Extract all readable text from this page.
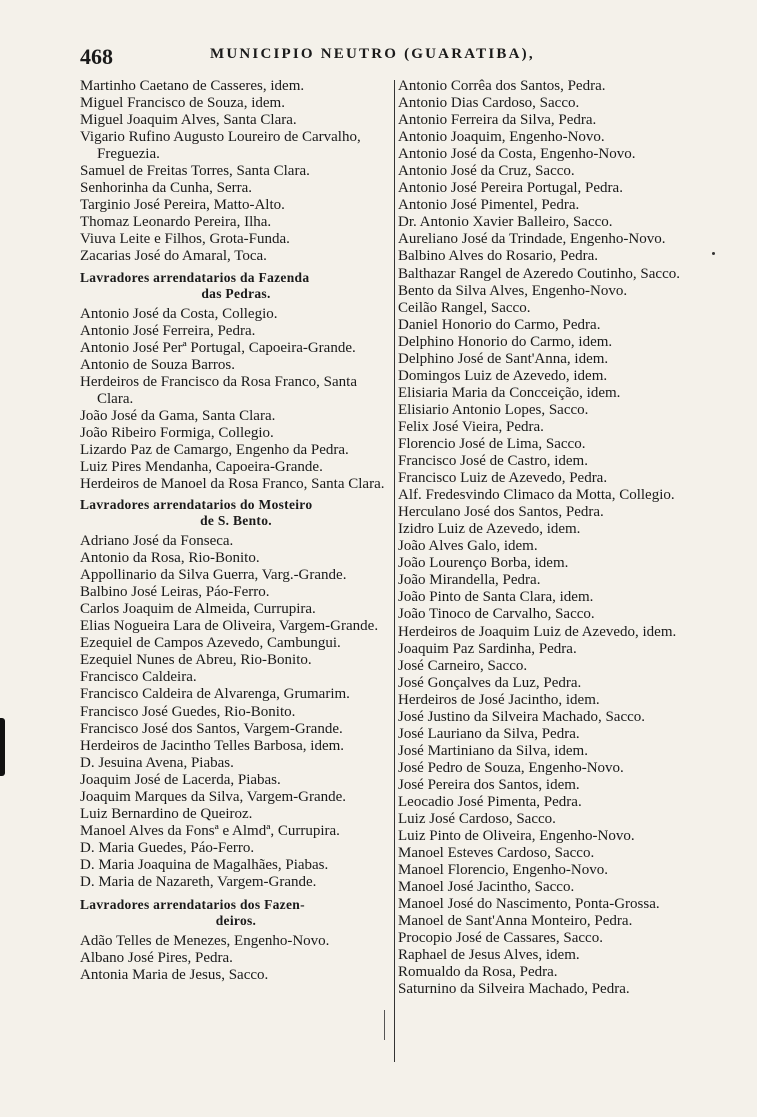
468	MUNICIPIO NEUTRO (GUARATIBA),
Martinho Caetano de Casseres, idem.
Miguel Francisco de Souza, idem.
Miguel Joaquim Alves, Santa Clara.
Vigario Rufino Augusto Loureiro de Carvalho, Freguezia.
Samuel de Freitas Torres, Santa Clara.
Senhorinha da Cunha, Serra.
Targinio José Pereira, Matto-Alto.
Thomaz Leonardo Pereira, Ilha.
Viuva Leite e Filhos, Grota-Funda.
Zacarias José do Amaral, Toca.
Lavradores arrendatarios da Fazenda
das Pedras.
Antonio José da Costa, Collegio.
Antonio José Ferreira, Pedra.
Antonio José Perª Portugal, Capoeira-Grande.
Antonio de Souza Barros.
Herdeiros de Francisco da Rosa Franco, Santa Clara.
João José da Gama, Santa Clara.
João Ribeiro Formiga, Collegio.
Lizardo Paz de Camargo, Engenho da Pedra.
Luiz Pires Mendanha, Capoeira-Grande.
Herdeiros de Manoel da Rosa Franco, Santa Clara.
Lavradores arrendatarios do Mosteiro
de S. Bento.
Adriano José da Fonseca.
Antonio da Rosa, Rio-Bonito.
Appollinario da Silva Guerra, Varg.-Grande.
Balbino José Leiras, Páo-Ferro.
Carlos Joaquim de Almeida, Currupira.
Elias Nogueira Lara de Oliveira, Vargem-Grande.
Ezequiel de Campos Azevedo, Cambungui.
Ezequiel Nunes de Abreu, Rio-Bonito.
Francisco Caldeira.
Francisco Caldeira de Alvarenga, Grumarim.
Francisco José Guedes, Rio-Bonito.
Francisco José dos Santos, Vargem-Grande.
Herdeiros de Jacintho Telles Barbosa, idem.
D. Jesuina Avena, Piabas.
Joaquim José de Lacerda, Piabas.
Joaquim Marques da Silva, Vargem-Grande.
Luiz Bernardino de Queiroz.
Manoel Alves da Fonsª e Almdª, Currupira.
D. Maria Guedes, Páo-Ferro.
D. Maria Joaquina de Magalhães, Piabas.
D. Maria de Nazareth, Vargem-Grande.
Lavradores arrendatarios dos Fazen-
deiros.
Adão Telles de Menezes, Engenho-Novo.
Albano José Pires, Pedra.
Antonia Maria de Jesus, Sacco.
Antonio Corrêa dos Santos, Pedra.
Antonio Dias Cardoso, Sacco.
Antonio Ferreira da Silva, Pedra.
Antonio Joaquim, Engenho-Novo.
Antonio José da Costa, Engenho-Novo.
Antonio José da Cruz, Sacco.
Antonio José Pereira Portugal, Pedra.
Antonio José Pimentel, Pedra.
Dr. Antonio Xavier Balleiro, Sacco.
Aureliano José da Trindade, Engenho-Novo.
Balbino Alves do Rosario, Pedra.
Balthazar Rangel de Azeredo Coutinho, Sacco.
Bento da Silva Alves, Engenho-Novo.
Ceilão Rangel, Sacco.
Daniel Honorio do Carmo, Pedra.
Delphino Honorio do Carmo, idem.
Delphino José de Sant'Anna, idem.
Domingos Luiz de Azevedo, idem.
Elisiaria Maria da Concceição, idem.
Elisiario Antonio Lopes, Sacco.
Felix José Vieira, Pedra.
Florencio José de Lima, Sacco.
Francisco José de Castro, idem.
Francisco Luiz de Azevedo, Pedra.
Alf. Fredesvindo Climaco da Motta, Collegio.
Herculano José dos Santos, Pedra.
Izidro Luiz de Azevedo, idem.
João Alves Galo, idem.
João Lourenço Borba, idem.
João Mirandella, Pedra.
João Pinto de Santa Clara, idem.
João Tinoco de Carvalho, Sacco.
Herdeiros de Joaquim Luiz de Azevedo, idem.
Joaquim Paz Sardinha, Pedra.
José Carneiro, Sacco.
José Gonçalves da Luz, Pedra.
Herdeiros de José Jacintho, idem.
José Justino da Silveira Machado, Sacco.
José Lauriano da Silva, Pedra.
José Martiniano da Silva, idem.
José Pedro de Souza, Engenho-Novo.
José Pereira dos Santos, idem.
Leocadio José Pimenta, Pedra.
Luiz José Cardoso, Sacco.
Luiz Pinto de Oliveira, Engenho-Novo.
Manoel Esteves Cardoso, Sacco.
Manoel Florencio, Engenho-Novo.
Manoel José Jacintho, Sacco.
Manoel José do Nascimento, Ponta-Grossa.
Manoel de Sant'Anna Monteiro, Pedra.
Procopio José de Cassares, Sacco.
Raphael de Jesus Alves, idem.
Romualdo da Rosa, Pedra.
Saturnino da Silveira Machado, Pedra.
